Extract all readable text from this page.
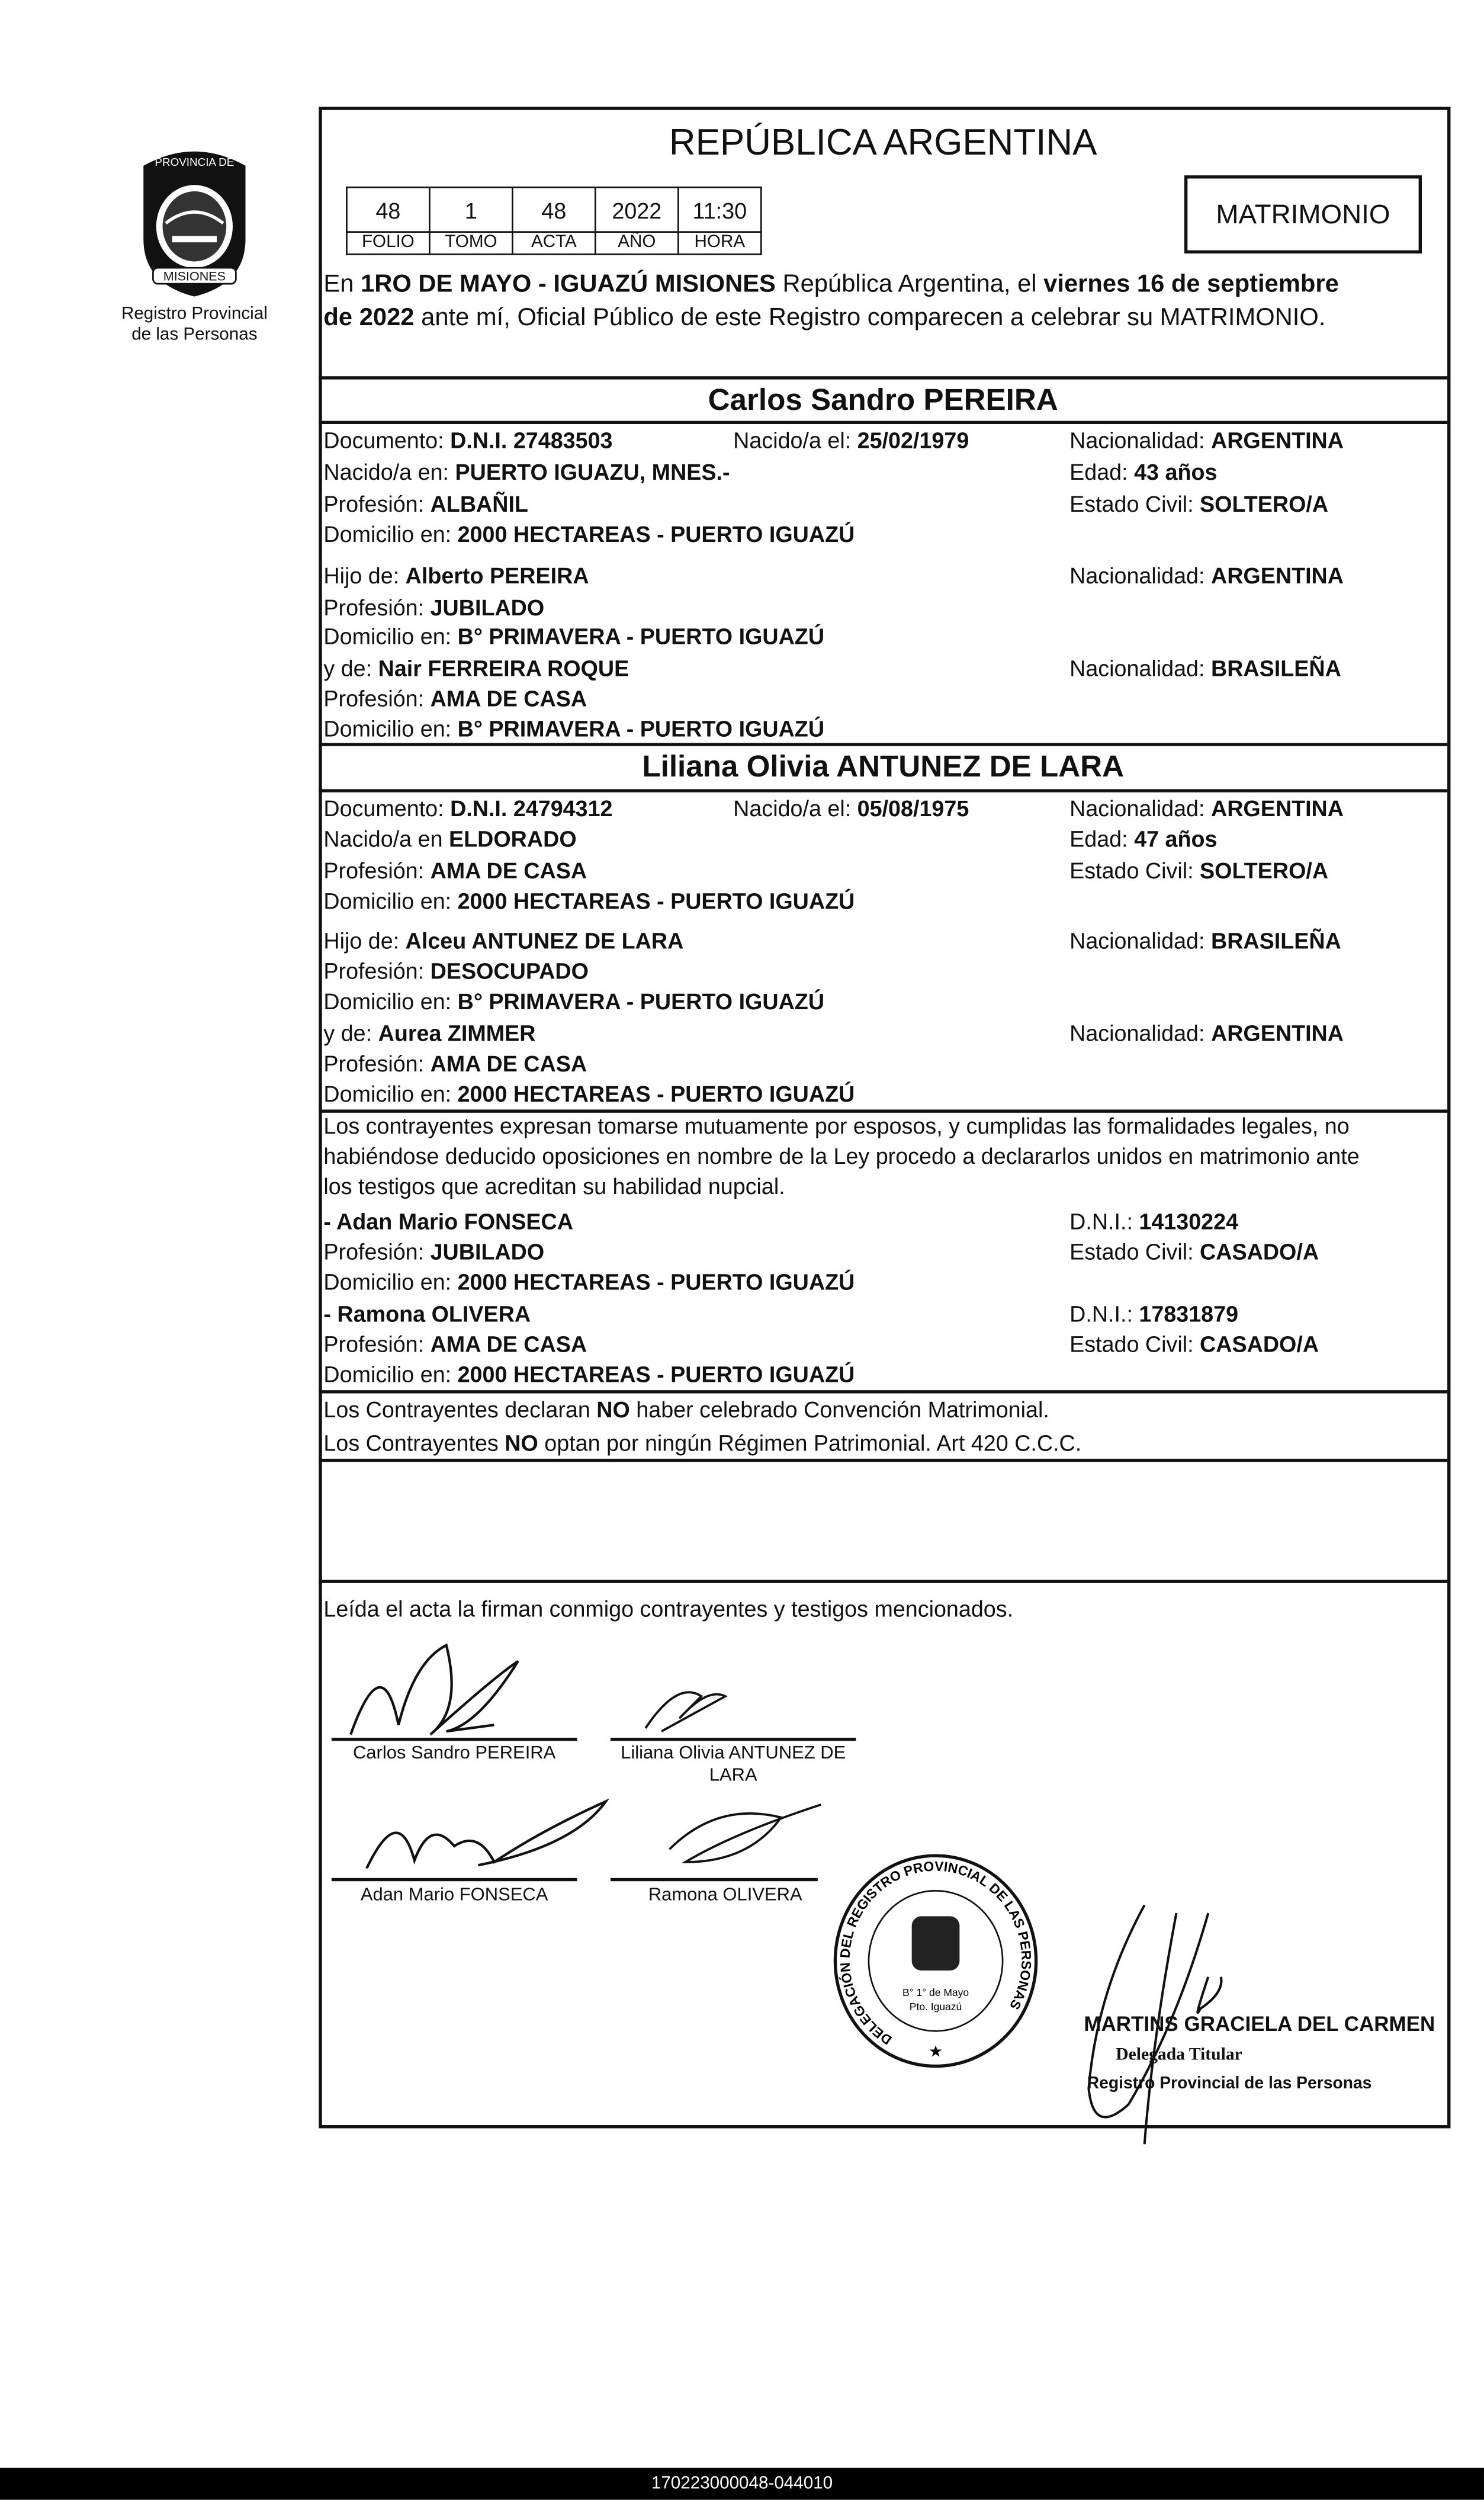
MISIONES
PROVINCIA DE
Registro Provincial
de las Personas
REPÚBLICA ARGENTINA
48	1	48	2022	11:30
FOLIO	TOMO	ACTA	AÑO	HORA
MATRIMONIO
En 1RO DE MAYO - IGUAZÚ MISIONES República Argentina, el viernes 16 de septiembre
de 2022 ante mí, Oficial Público de este Registro comparecen a celebrar su MATRIMONIO.
Carlos Sandro PEREIRA
Documento: D.N.I. 27483503	Nacido/a el: 25/02/1979	Nacionalidad: ARGENTINA
Nacido/a en: PUERTO IGUAZU, MNES.-	Edad: 43 años
Profesión: ALBAÑIL	Estado Civil: SOLTERO/A
Domicilio en: 2000 HECTAREAS - PUERTO IGUAZÚ
Hijo de: Alberto PEREIRA	Nacionalidad: ARGENTINA
Profesión: JUBILADO
Domicilio en: B° PRIMAVERA - PUERTO IGUAZÚ
y de: Nair FERREIRA ROQUE	Nacionalidad: BRASILEÑA
Profesión: AMA DE CASA
Domicilio en: B° PRIMAVERA - PUERTO IGUAZÚ
Liliana Olivia ANTUNEZ DE LARA
Documento: D.N.I. 24794312	Nacido/a el: 05/08/1975	Nacionalidad: ARGENTINA
Nacido/a en ELDORADO	Edad: 47 años
Profesión: AMA DE CASA	Estado Civil: SOLTERO/A
Domicilio en: 2000 HECTAREAS - PUERTO IGUAZÚ
Hijo de: Alceu ANTUNEZ DE LARA	Nacionalidad: BRASILEÑA
Profesión: DESOCUPADO
Domicilio en: B° PRIMAVERA - PUERTO IGUAZÚ
y de: Aurea ZIMMER	Nacionalidad: ARGENTINA
Profesión: AMA DE CASA
Domicilio en: 2000 HECTAREAS - PUERTO IGUAZÚ
Los contrayentes expresan tomarse mutuamente por esposos, y cumplidas las formalidades legales, no
habiéndose deducido oposiciones en nombre de la Ley procedo a declararlos unidos en matrimonio ante
los testigos que acreditan su habilidad nupcial.
- Adan Mario FONSECA	D.N.I.: 14130224
Profesión: JUBILADO	Estado Civil: CASADO/A
Domicilio en: 2000 HECTAREAS - PUERTO IGUAZÚ
- Ramona OLIVERA	D.N.I.: 17831879
Profesión: AMA DE CASA	Estado Civil: CASADO/A
Domicilio en: 2000 HECTAREAS - PUERTO IGUAZÚ
Los Contrayentes declaran NO haber celebrado Convención Matrimonial.
Los Contrayentes NO optan por ningún Régimen Patrimonial. Art 420 C.C.C.
Leída el acta la firman conmigo contrayentes y testigos mencionados.
Carlos Sandro PEREIRA	Liliana Olivia ANTUNEZ DE
LARA
Adan Mario FONSECA	Ramona OLIVERA
DELEGACIÓN DEL REGISTRO PROVINCIAL DE LAS PERSONAS
★
B° 1° de Mayo
Pto. Iguazú
MARTINS GRACIELA DEL CARMEN
Delegada Titular
Registro Provincial de las Personas
170223000048-044010
